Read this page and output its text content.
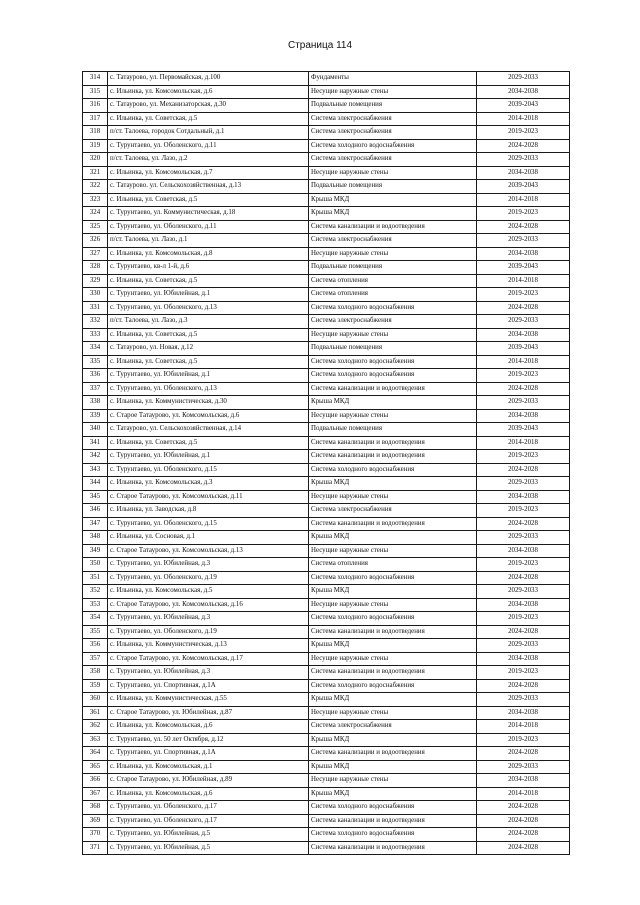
Страница 114
314	с. Татаурово, ул. Первомайская, д.100	Фундаменты	2029-2033
315	с. Ильинка, ул. Комсомольская, д.6	Несущие наружные стены	2034-2038
316	с. Татаурово, ул. Механизаторская, д.30	Подвальные помещения	2039-2043
317	с. Ильинка, ул. Советская, д.5	Система электроснабжения	2014-2018
318	п/ст. Талоева, городок Сотдальный, д.1	Система электроснабжения	2019-2023
319	с. Турунтаево, ул. Оболенского, д.11	Система холодного водоснабжения	2024-2028
320	п/ст. Талоева, ул. Лазо, д.2	Система электроснабжения	2029-2033
321	с. Ильинка, ул. Комсомольская, д.7	Несущие наружные стены	2034-2038
322	с. Татаурово. ул. Сельскохозяйственная, д.13	Подвальные помещения	2039-2043
323	с. Ильинка, ул. Советская, д.5	Крыша МКД	2014-2018
324	с. Турунтаево, ул. Коммунистическая, д.18	Крыша МКД	2019-2023
325	с. Турунтаево, ул. Оболенского, д.11	Система канализации и водоотведения	2024-2028
326	п/ст. Талоева, ул. Лазо, д.1	Система электроснабжения	2029-2033
327	с. Ильинка, ул. Комсомольская, д.8	Несущие наружные стены	2034-2038
328	с. Турунтаево, кв-л 1-й, д.6	Подвальные помещения	2039-2043
329	с. Ильинка, ул. Советская, д.5	Система отопления	2014-2018
330	с. Турунтаево, ул. Юбилейная, д.1	Система отопления	2019-2023
331	с. Турунтаево, ул. Оболенского, д.13	Система холодного водоснабжения	2024-2028
332	п/ст. Талоева, ул. Лазо, д.3	Система электроснабжения	2029-2033
333	с. Ильинка, ул. Советская, д.5	Несущие наружные стены	2034-2038
334	с. Татаурово, ул. Новая, д.12	Подвальные помещения	2039-2043
335	с. Ильинка, ул. Советская, д.5	Система холодного водоснабжения	2014-2018
336	с. Турунтаево, ул. Юбилейная, д.1	Система холодного водоснабжения	2019-2023
337	с. Турунтаево, ул. Оболенского, д.13	Система канализации и водоотведения	2024-2028
338	с. Ильинка, ул. Коммунистическая, д.30	Крыша МКД	2029-2033
339	с. Старое Татаурово, ул. Комсомольская, д.6	Несущие наружные стены	2034-2038
340	с. Татаурово, ул. Сельскохозяйственная, д.14	Подвальные помещения	2039-2043
341	с. Ильинка, ул. Советская, д.5	Система канализации и водоотведения	2014-2018
342	с. Турунтаево, ул. Юбилейная, д.1	Система канализации и водоотведения	2019-2023
343	с. Турунтаево, ул. Оболенского, д.15	Система холодного водоснабжения	2024-2028
344	с. Ильинка, ул. Комсомольская, д.3	Крыша МКД	2029-2033
345	с. Старое Татаурово, ул. Комсомольская, д.11	Несущие наружные стены	2034-2038
346	с. Ильинка, ул. Заводская, д.8	Система электроснабжения	2019-2023
347	с. Турунтаево, ул. Оболенского, д.15	Система канализации и водоотведения	2024-2028
348	с. Ильинка, ул. Сосновая, д.1	Крыша МКД	2029-2033
349	с. Старое Татаурово, ул. Комсомольская, д.13	Несущие наружные стены	2034-2038
350	с. Турунтаево, ул. Юбилейная, д.3	Система отопления	2019-2023
351	с. Турунтаево, ул. Оболенского, д.19	Система холодного водоснабжения	2024-2028
352	с. Ильинка, ул. Комсомольская, д.5	Крыша МКД	2029-2033
353	с. Старое Татаурово, ул. Комсомольская, д.16	Несущие наружные стены	2034-2038
354	с. Турунтаево, ул. Юбилейная, д.3	Система холодного водоснабжения	2019-2023
355	с. Турунтаево, ул. Оболенского, д.19	Система канализации и водоотведения	2024-2028
356	с. Ильинка, ул. Коммунистическая, д.13	Крыша МКД	2029-2033
357	с. Старое Татаурово, ул. Комсомольская, д.17	Несущие наружные стены	2034-2038
358	с. Турунтаево, ул. Юбилейная, д.3	Система канализации и водоотведения	2019-2023
359	с. Турунтаево, ул. Спортивная, д.1А	Система холодного водоснабжения	2024-2028
360	с. Ильинка, ул. Коммунистическая, д.55	Крыша МКД	2029-2033
361	с. Старое Татаурово, ул. Юбилейная, д.87	Несущие наружные стены	2034-2038
362	с. Ильинка, ул. Комсомольская, д.6	Система электроснабжения	2014-2018
363	с. Турунтаево, ул. 50 лет Октября, д.12	Крыша МКД	2019-2023
364	с. Турунтаево, ул. Спортивная, д.1А	Система канализации и водоотведения	2024-2028
365	с. Ильинка, ул. Комсомольская, д.1	Крыша МКД	2029-2033
366	с. Старое Татаурово, ул. Юбилейная, д.89	Несущие наружные стены	2034-2038
367	с. Ильинка, ул. Комсомольская, д.6	Крыша МКД	2014-2018
368	с. Турунтаево, ул. Оболенского, д.17	Система холодного водоснабжения	2024-2028
369	с. Турунтаево, ул. Оболенского, д.17	Система канализации и водоотведения	2024-2028
370	с. Турунтаево, ул. Юбилейная, д.5	Система холодного водоснабжения	2024-2028
371	с. Турунтаево, ул. Юбилейная, д.5	Система канализации и водоотведения	2024-2028
